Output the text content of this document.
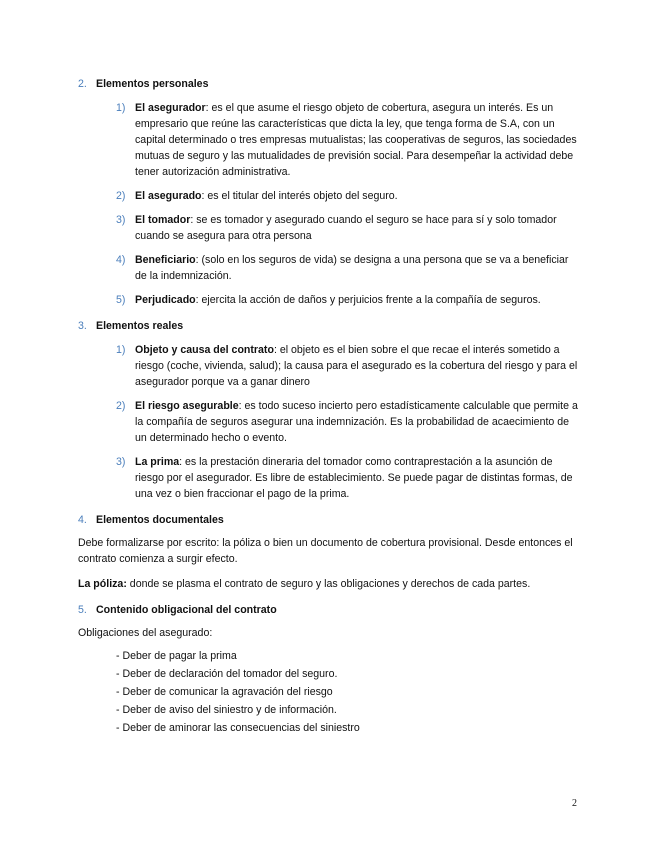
2. Elementos personales
1) El asegurador: es el que asume el riesgo objeto de cobertura, asegura un interés. Es un empresario que reúne las características que dicta la ley, que tenga forma de S.A, con un capital determinado o tres empresas mutualistas; las cooperativas de seguros, las sociedades mutuas de seguro y las mutualidades de previsión social. Para desempeñar la actividad debe tener autorización administrativa.
2) El asegurado: es el titular del interés objeto del seguro.
3) El tomador: se es tomador y asegurado cuando el seguro se hace para sí y solo tomador cuando se asegura para otra persona
4) Beneficiario: (solo en los seguros de vida) se designa a una persona que se va a beneficiar de la indemnización.
5) Perjudicado: ejercita la acción de daños y perjuicios frente a la compañía de seguros.
3. Elementos reales
1) Objeto y causa del contrato: el objeto es el bien sobre el que recae el interés sometido a riesgo (coche, vivienda, salud); la causa para el asegurado es la cobertura del riesgo y para el asegurador porque va a ganar dinero
2) El riesgo asegurable: es todo suceso incierto pero estadísticamente calculable que permite a la compañía de seguros asegurar una indemnización. Es la probabilidad de acaecimiento de un determinado hecho o evento.
3) La prima: es la prestación dineraria del tomador como contraprestación a la asunción de riesgo por el asegurador. Es libre de establecimiento. Se puede pagar de distintas formas, de una vez o bien fraccionar el pago de la prima.
4. Elementos documentales
Debe formalizarse por escrito: la póliza o bien un documento de cobertura provisional. Desde entonces el contrato comienza a surgir efecto.
La póliza: donde se plasma el contrato de seguro y las obligaciones y derechos de cada partes.
5. Contenido obligacional del contrato
Obligaciones del asegurado:
- Deber de pagar la prima
- Deber de declaración del tomador del seguro.
- Deber de comunicar la agravación del riesgo
- Deber de aviso del siniestro y de información.
- Deber de aminorar las consecuencias del siniestro
2
